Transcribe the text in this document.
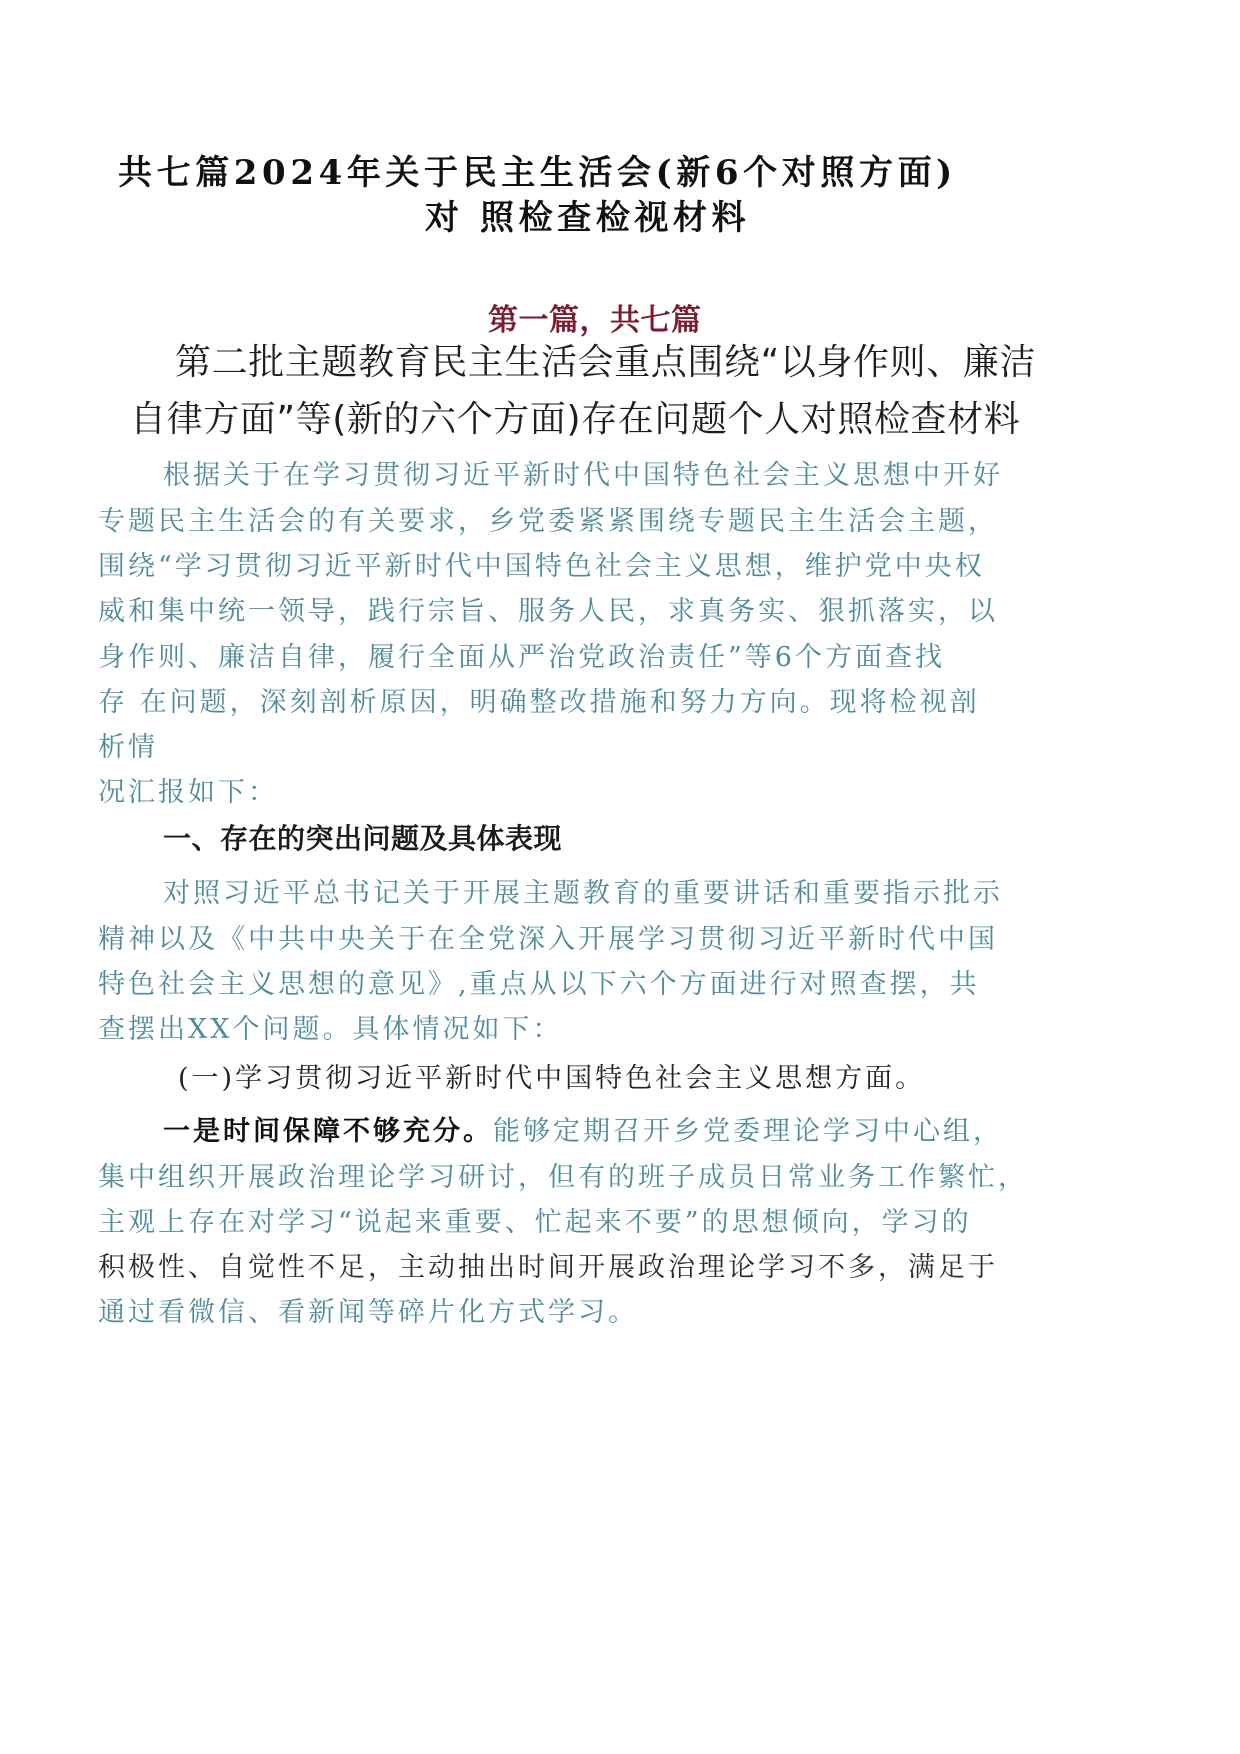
共七篇2024年关于民主生活会(新6个对照方面)
对 照检查检视材料
第一篇，共七篇
第二批主题教育民主生活会重点围绕“以身作则、廉洁
自律方面”等(新的六个方面)存在问题个人对照检查材料
根据关于在学习贯彻习近平新时代中国特色社会主义思想中开好
专题民主生活会的有关要求，乡党委紧紧围绕专题民主生活会主题，
围绕“学习贯彻习近平新时代中国特色社会主义思想，维护党中央权
威和集中统一领导，践行宗旨、服务人民，求真务实、狠抓落实，以
身作则、廉洁自律，履行全面从严治党政治责任”等6个方面查找
存 在问题，深刻剖析原因，明确整改措施和努力方向。现将检视剖
析情
况汇报如下：
一、存在的突出问题及具体表现
对照习近平总书记关于开展主题教育的重要讲话和重要指示批示
精神以及《中共中央关于在全党深入开展学习贯彻习近平新时代中国
特色社会主义思想的意见》,重点从以下六个方面进行对照查摆，共
查摆出XX个问题。具体情况如下：
(一)学习贯彻习近平新时代中国特色社会主义思想方面。
一是时间保障不够充分。能够定期召开乡党委理论学习中心组，
集中组织开展政治理论学习研讨，但有的班子成员日常业务工作繁忙，
主观上存在对学习“说起来重要、忙起来不要”的思想倾向，学习的
积极性、自觉性不足，主动抽出时间开展政治理论学习不多，满足于
通过看微信、看新闻等碎片化方式学习。
